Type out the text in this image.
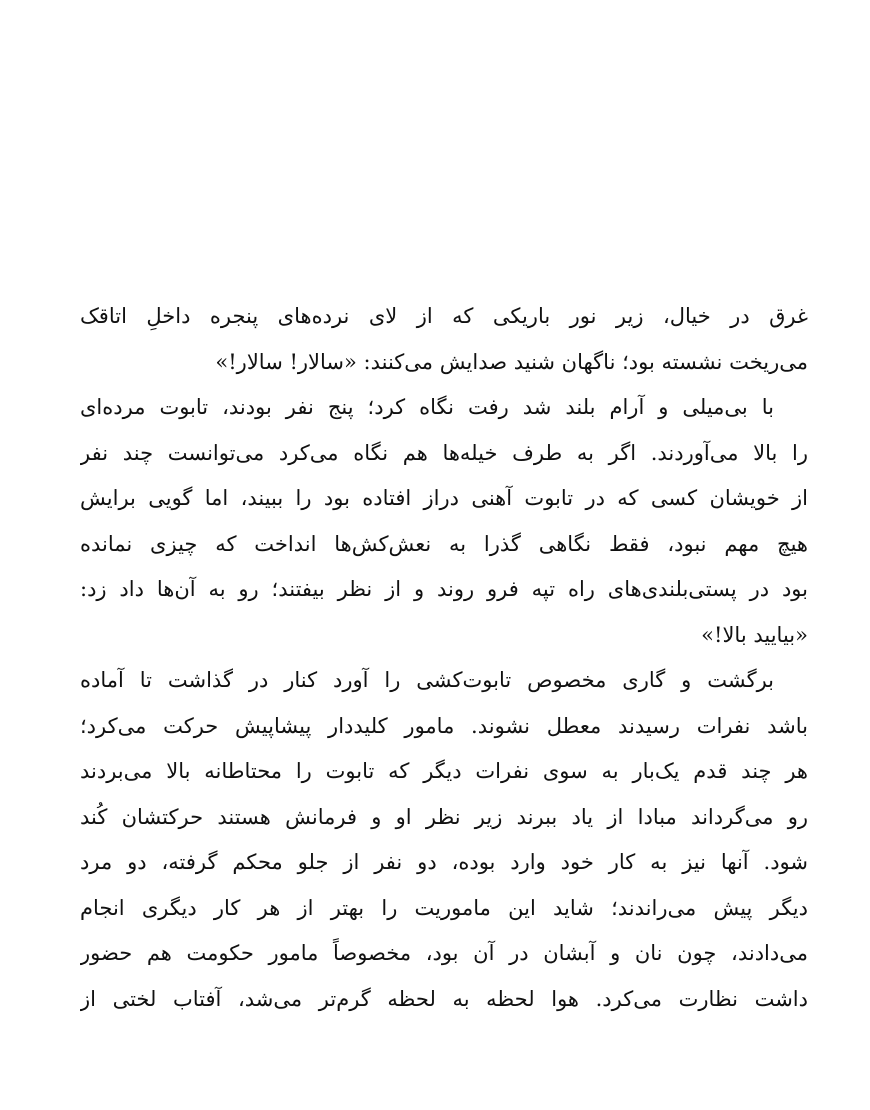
غرق در خیال، زیر نور باریکی که از لای نرده‌های پنجره داخلِ اتاقک
می‌ریخت نشسته بود؛ ناگهان شنید صدایش می‌کنند: «سالار! سالار!»
با بی‌میلی و آرام بلند شد رفت نگاه کرد؛ پنج نفر بودند، تابوت مرده‌ای
را بالا می‌آوردند. اگر به طرف خیله‌ها هم نگاه می‌کرد می‌توانست چند نفر
از خویشان کسی که در تابوت آهنی دراز افتاده بود را ببیند، اما گویی برایش
هیچ مهم نبود، فقط نگاهی گذرا به نعش‌کش‌ها انداخت که چیزی نمانده
بود در پستی‌بلندی‌های راه تپه فرو روند و از نظر بیفتند؛ رو به آن‌ها داد زد:
«بیایید بالا!»
برگشت و گاری مخصوص تابوت‌کشی را آورد کنار در گذاشت تا آماده
باشد نفرات رسیدند معطل نشوند. مامور کلیددار پیشاپیش حرکت می‌کرد؛
هر چند قدم یک‌بار به سوی نفرات دیگر که تابوت را محتاطانه بالا می‌بردند
رو می‌گرداند مبادا از یاد ببرند زیر نظر او و فرمانش هستند حرکتشان کُند
شود. آنها نیز به کار خود وارد بوده، دو نفر از جلو محکم گرفته، دو مرد
دیگر پیش می‌راندند؛ شاید این ماموریت را بهتر از هر کار دیگری انجام
می‌دادند، چون نان و آبشان در آن بود، مخصوصاً مامور حکومت هم حضور
داشت نظارت می‌کرد. هوا لحظه به لحظه گرم‌تر می‌شد، آفتاب لختی از
